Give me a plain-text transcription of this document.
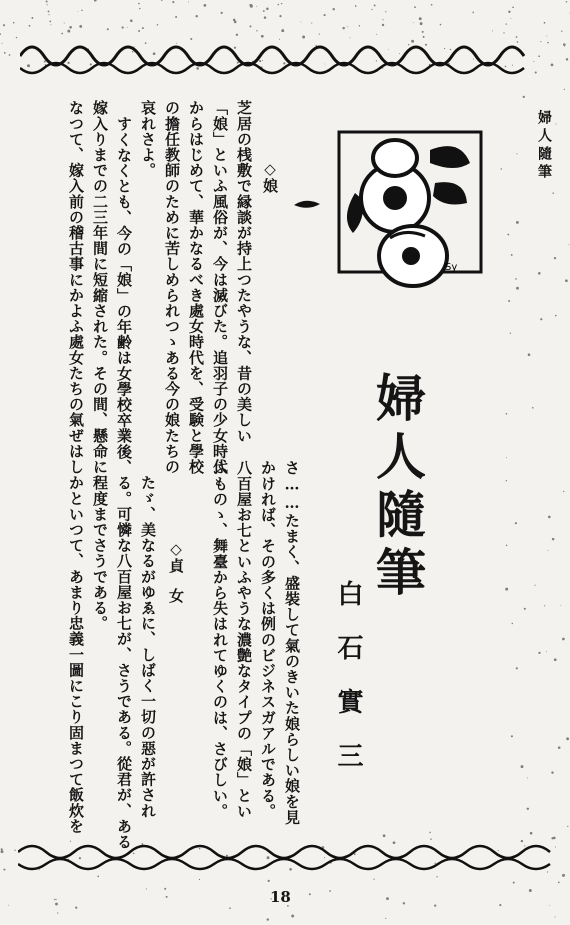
婦人隨筆
Sy
◇娘
芝居の桟敷で縁談が持上つたやうな、昔の美しい
「娘」といふ風俗が、今は滅びた。追羽子の少女時代
からはじめて、華かなるべき處女時代を、受験と學校
の擔任教師のために苦しめられつゝある今の娘たちの
哀れさよ。
すくなくとも、今の「娘」の年齢は女學校卒業後、
嫁入りまでの二三年間に短縮された。その間、懸命に
なつて、嫁入前の稽古事にかよふ處女たちの氣ぜはし
婦人隨筆
白石實三
さ……たまく、盛裝して氣のきいた娘らしい娘を見
かければ、その多くは例のビジネスガアルである。
八百屋お七といふやうな濃艶なタイプの「娘」とい
ふものゝ、舞臺から失はれてゆくのは、さびしい。
◇貞　女
たゞ、美なるがゆゑに、しばく一切の惡が許され
る。可憐な八百屋お七が、さうである。從君が、ある
程度までさうである。
かといつて、あまり忠義一圖にこり固まつて飯炊を
18
